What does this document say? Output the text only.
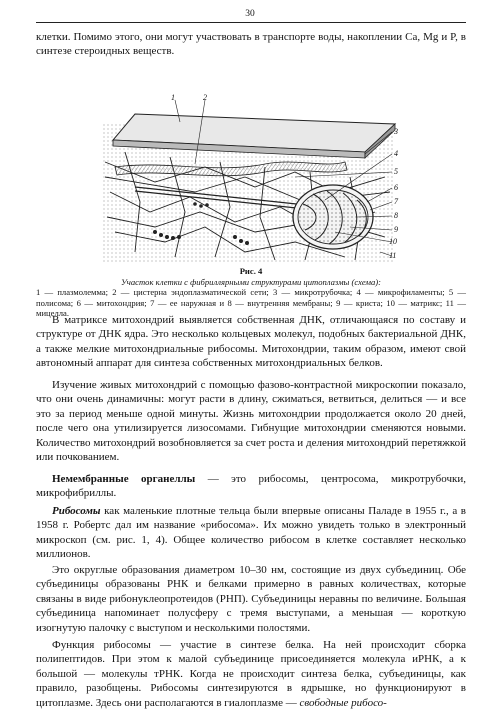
30

клетки. Помимо этого, они могут участвовать в транспорте воды, накоплении Ca, Mg и P, в синтезе стероидных веществ.

1	2
3
4
5
6
7
8
9
10
11
Рис. 4
Участок клетки с фибриллярными структурами цитоплазмы (схема):
1 — плазмолемма; 2 — цистерна эндоплазматической сети; 3 — микротрубочка; 4 — микрофиламенты; 5 — полисома; 6 — митохондрия; 7 — ее наружная и 8 — внутренняя мембраны; 9 — криста; 10 — матрикс; 11 — мицелла.

В матриксе митохондрий выявляется собственная ДНК, отличающаяся по составу и структуре от ДНК ядра. Это несколько кольцевых молекул, подобных бактериальной ДНК, а также мелкие митохондриальные рибосомы. Митохондрии, таким образом, имеют свой автономный аппарат для синтеза собственных митохондриальных белков.

Изучение живых митохондрий с помощью фазово-контрастной микроскопии показало, что они очень динамичны: могут расти в длину, сжиматься, ветвиться, делиться — и все это за период меньше одной минуты. Жизнь митохондрии продолжается около 20 дней, после чего она утилизируется лизосомами. Гибнущие митохондрии сменяются новыми. Количество митохондрий возобновляется за счет роста и деления митохондрий перетяжкой или почкованием.

Немембранные органеллы — это рибосомы, центросома, микротрубочки, микрофибриллы.

Рибосомы как маленькие плотные тельца были впервые описаны Паладе в 1955 г., а в 1958 г. Робертс дал им название «рибосома». Их можно увидеть только в электронный микроскоп (см. рис. 1, 4). Общее количество рибосом в клетке составляет несколько миллионов.

Это округлые образования диаметром 10–30 нм, состоящие из двух субъединиц. Обе субъединицы образованы РНК и белками примерно в равных количествах, которые связаны в виде рибонуклеопротеидов (РНП). Субъединицы неравны по величине. Большая субъединица напоминает полусферу с тремя выступами, а меньшая — короткую изогнутую палочку с выступом и несколькими полостями.

Функция рибосомы — участие в синтезе белка. На ней происходит сборка полипептидов. При этом к малой субъединице присоединяется молекула иРНК, а к большой — молекулы тРНК. Когда не происходит синтеза белка, субъединицы, как правило, разобщены. Рибосомы синтезируются в ядрышке, но функционируют в цитоплазме. Здесь они располагаются в гиалоплазме — свободные рибосо-
